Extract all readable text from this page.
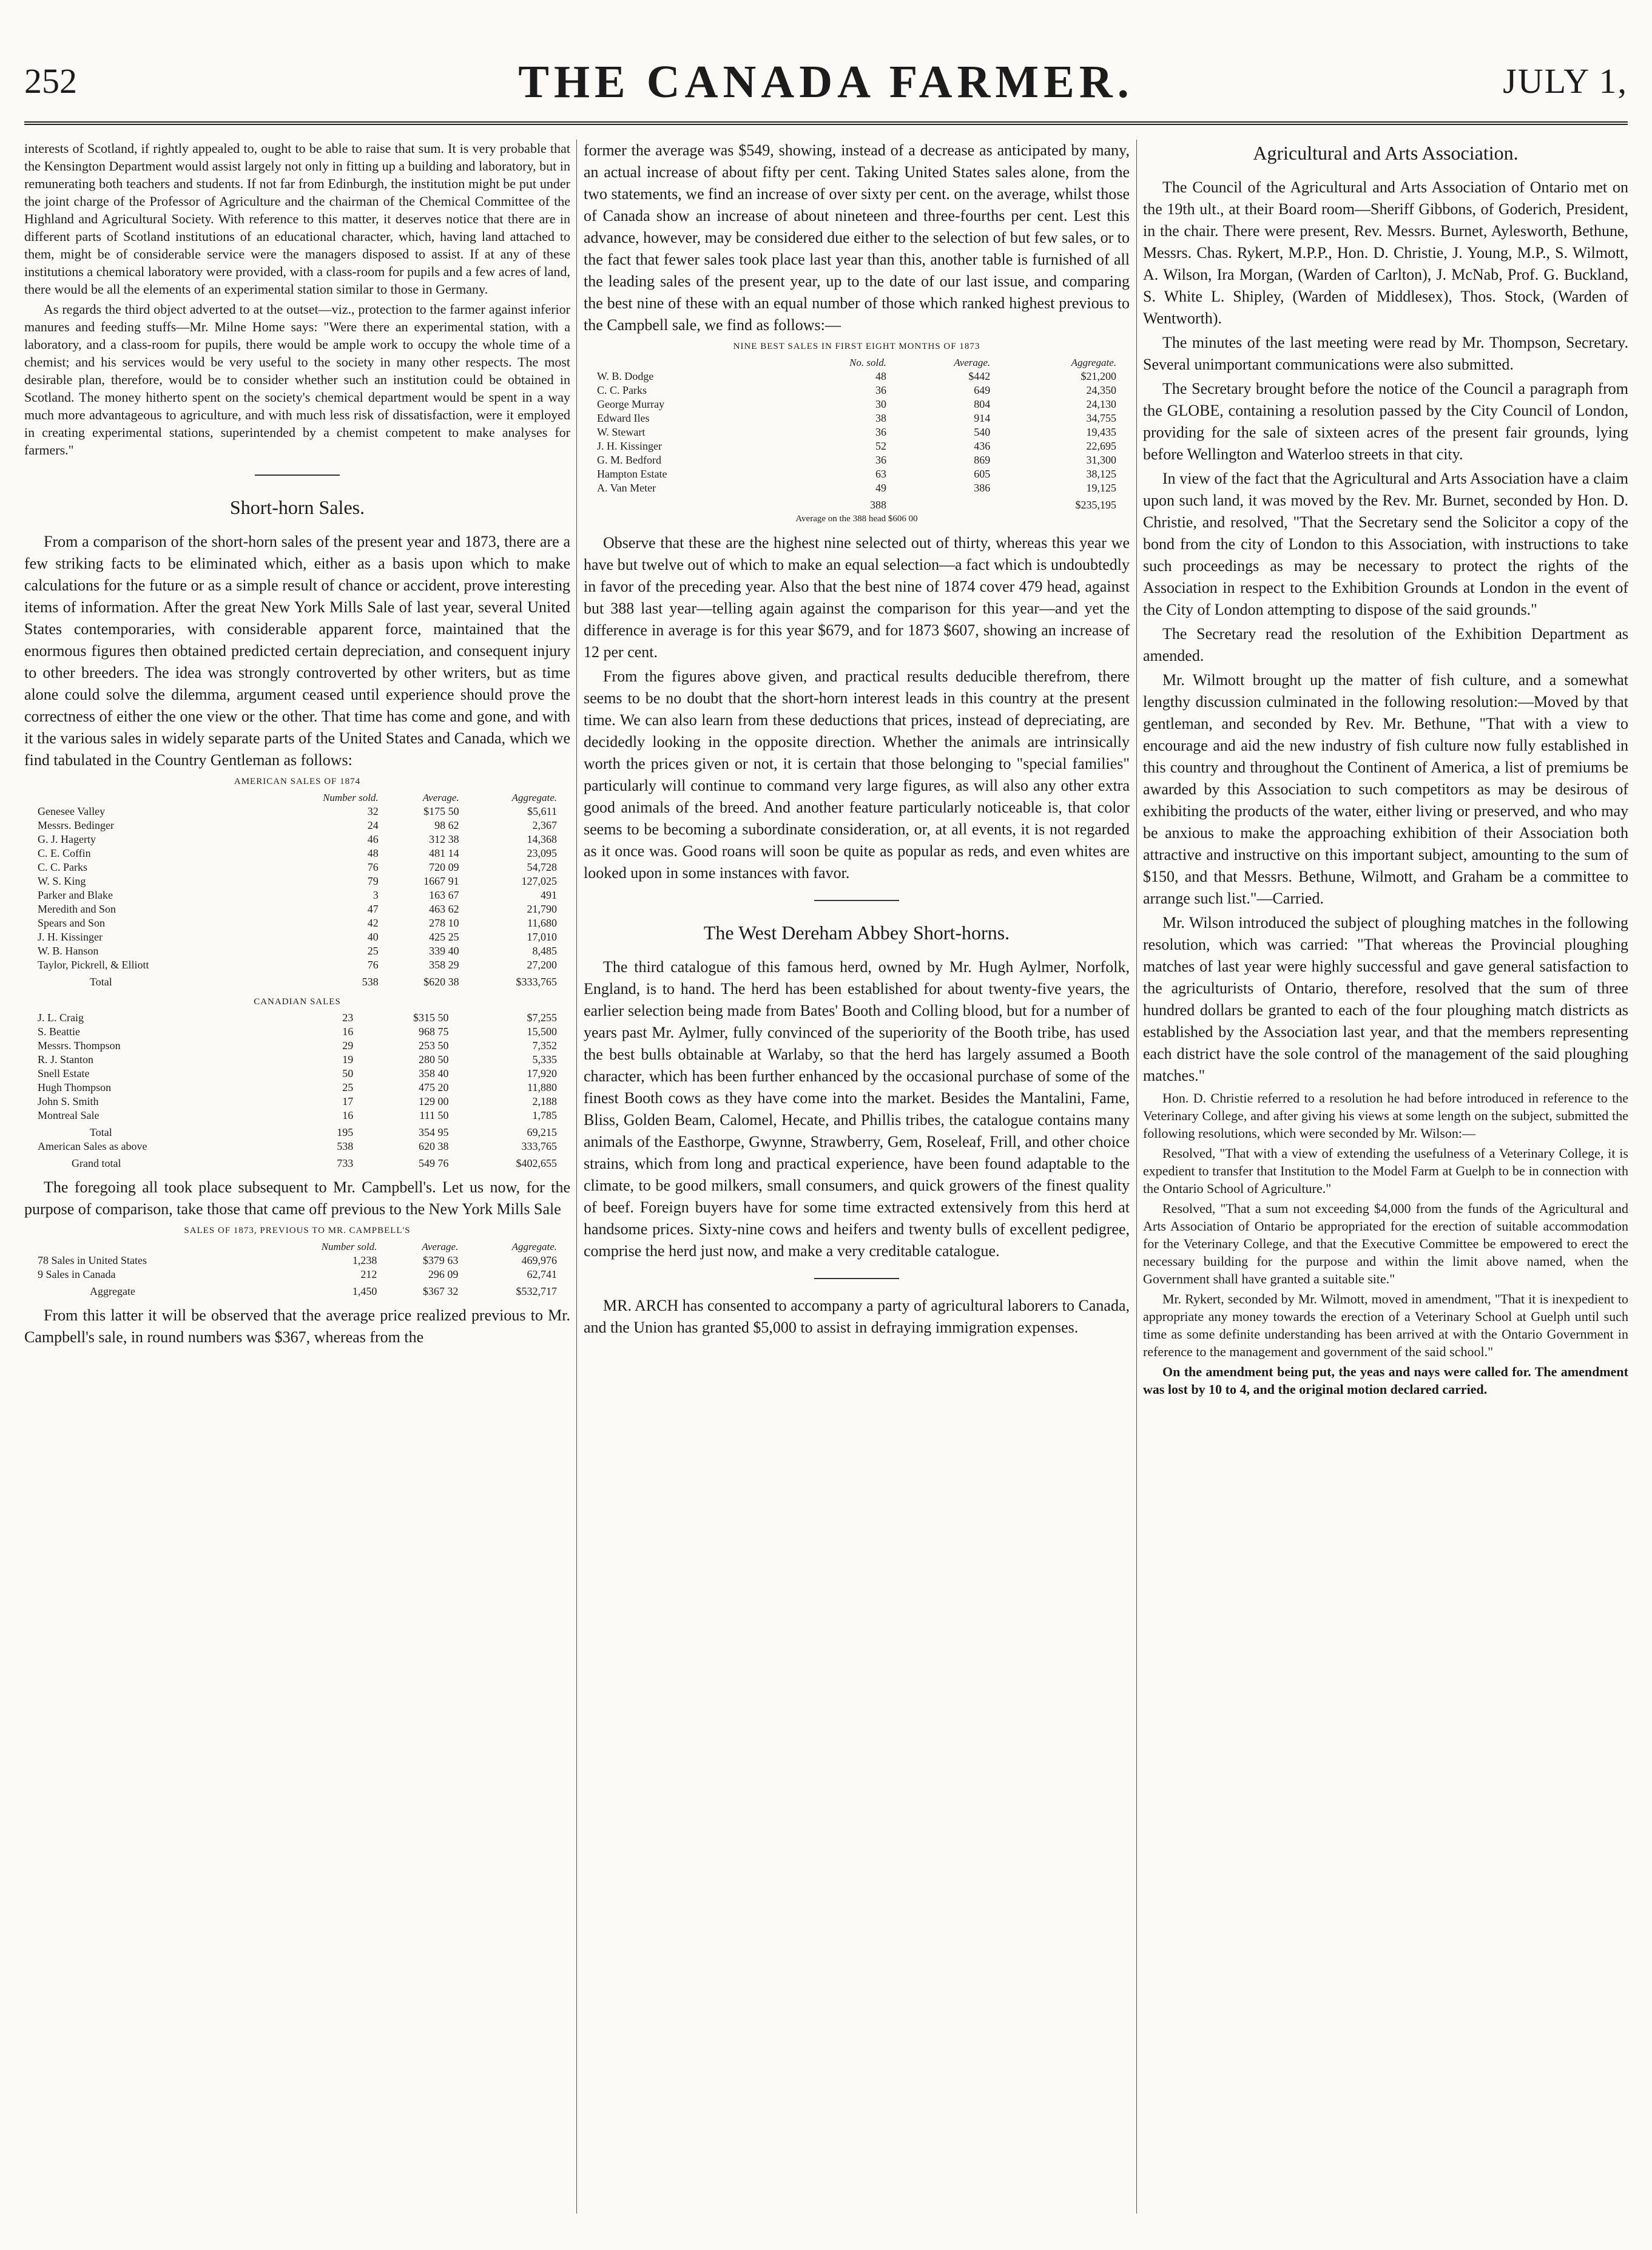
252	THE CANADA FARMER.	JULY 1,

interests of Scotland, if rightly appealed to, ought to be able to raise that sum. It is very probable that the Kensington Department would assist largely not only in fitting up a building and laboratory, but in remunerating both teachers and students. If not far from Edinburgh, the institution might be put under the joint charge of the Professor of Agriculture and the chairman of the Chemical Committee of the Highland and Agricultural Society. With reference to this matter, it deserves notice that there are in different parts of Scotland institutions of an educational character, which, having land attached to them, might be of considerable service were the managers disposed to assist. If at any of these institutions a chemical laboratory were provided, with a class-room for pupils and a few acres of land, there would be all the elements of an experimental station similar to those in Germany.

As regards the third object adverted to at the outset—viz., protection to the farmer against inferior manures and feeding stuffs—Mr. Milne Home says: "Were there an experimental station, with a laboratory, and a class-room for pupils, there would be ample work to occupy the whole time of a chemist; and his services would be very useful to the society in many other respects. The most desirable plan, therefore, would be to consider whether such an institution could be obtained in Scotland. The money hitherto spent on the society's chemical department would be spent in a way much more advantageous to agriculture, and with much less risk of dissatisfaction, were it employed in creating experimental stations, superintended by a chemist competent to make analyses for farmers."

Short-horn Sales.

From a comparison of the short-horn sales of the present year and 1873, there are a few striking facts to be eliminated which, either as a basis upon which to make calculations for the future or as a simple result of chance or accident, prove interesting items of information. After the great New York Mills Sale of last year, several United States contemporaries, with considerable apparent force, maintained that the enormous figures then obtained predicted certain depreciation, and consequent injury to other breeders. The idea was strongly controverted by other writers, but as time alone could solve the dilemma, argument ceased until experience should prove the correctness of either the one view or the other. That time has come and gone, and with it the various sales in widely separate parts of the United States and Canada, which we find tabulated in the Country Gentleman as follows:

AMERICAN SALES OF 1874
	Number sold.	Average.	Aggregate.
Genesee Valley	32	$175 50	$5,611
Messrs. Bedinger	24	98 62	2,367
G. J. Hagerty	46	312 38	14,368
C. E. Coffin	48	481 14	23,095
C. C. Parks	76	720 09	54,728
W. S. King	79	1667 91	127,025
Parker and Blake	3	163 67	491
Meredith and Son	47	463 62	21,790
Spears and Son	42	278 10	11,680
J. H. Kissinger	40	425 25	17,010
W. B. Hanson	25	339 40	8,485
Taylor, Pickrell, & Elliott	76	358 29	27,200
Total	538	$620 38	$333,765
CANADIAN SALES
J. L. Craig	23	$315 50	$7,255
S. Beattie	16	968 75	15,500
Messrs. Thompson	29	253 50	7,352
R. J. Stanton	19	280 50	5,335
Snell Estate	50	358 40	17,920
Hugh Thompson	25	475 20	11,880
John S. Smith	17	129 00	2,188
Montreal Sale	16	111 50	1,785
Total	195	354 95	69,215
American Sales as above	538	620 38	333,765
Grand total	733	549 76	$402,655

The foregoing all took place subsequent to Mr. Campbell's. Let us now, for the purpose of comparison, take those that came off previous to the New York Mills Sale

SALES OF 1873, PREVIOUS TO MR. CAMPBELL'S
	Number sold.	Average.	Aggregate.
78 Sales in United States	1,238	$379 63	469,976
9 Sales in Canada	212	296 09	62,741
Aggregate	1,450	$367 32	$532,717

From this latter it will be observed that the average price realized previous to Mr. Campbell's sale, in round numbers was $367, whereas from the

former the average was $549, showing, instead of a decrease as anticipated by many, an actual increase of about fifty per cent. Taking United States sales alone, from the two statements, we find an increase of over sixty per cent. on the average, whilst those of Canada show an increase of about nineteen and three-fourths per cent. Lest this advance, however, may be considered due either to the selection of but few sales, or to the fact that fewer sales took place last year than this, another table is furnished of all the leading sales of the present year, up to the date of our last issue, and comparing the best nine of these with an equal number of those which ranked highest previous to the Campbell sale, we find as follows:—

NINE BEST SALES IN FIRST EIGHT MONTHS OF 1873
	No. sold.	Average.	Aggregate.
W. B. Dodge	48	$442	$21,200
C. C. Parks	36	649	24,350
George Murray	30	804	24,130
Edward Iles	38	914	34,755
W. Stewart	36	540	19,435
J. H. Kissinger	52	436	22,695
G. M. Bedford	36	869	31,300
Hampton Estate	63	605	38,125
A. Van Meter	49	386	19,125
	388		$235,195
Average on the 388 head $606 00			

Observe that these are the highest nine selected out of thirty, whereas this year we have but twelve out of which to make an equal selection—a fact which is undoubtedly in favor of the preceding year. Also that the best nine of 1874 cover 479 head, against but 388 last year—telling again against the comparison for this year—and yet the difference in average is for this year $679, and for 1873 $607, showing an increase of 12 per cent.

From the figures above given, and practical results deducible therefrom, there seems to be no doubt that the short-horn interest leads in this country at the present time. We can also learn from these deductions that prices, instead of depreciating, are decidedly looking in the opposite direction. Whether the animals are intrinsically worth the prices given or not, it is certain that those belonging to "special families" particularly will continue to command very large figures, as will also any other extra good animals of the breed. And another feature particularly noticeable is, that color seems to be becoming a subordinate consideration, or, at all events, it is not regarded as it once was. Good roans will soon be quite as popular as reds, and even whites are looked upon in some instances with favor.

The West Dereham Abbey Short-horns.

The third catalogue of this famous herd, owned by Mr. Hugh Aylmer, Norfolk, England, is to hand. The herd has been established for about twenty-five years, the earlier selection being made from Bates' Booth and Colling blood, but for a number of years past Mr. Aylmer, fully convinced of the superiority of the Booth tribe, has used the best bulls obtainable at Warlaby, so that the herd has largely assumed a Booth character, which has been further enhanced by the occasional purchase of some of the finest Booth cows as they have come into the market. Besides the Mantalini, Fame, Bliss, Golden Beam, Calomel, Hecate, and Phillis tribes, the catalogue contains many animals of the Easthorpe, Gwynne, Strawberry, Gem, Roseleaf, Frill, and other choice strains, which from long and practical experience, have been found adaptable to the climate, to be good milkers, small consumers, and quick growers of the finest quality of beef. Foreign buyers have for some time extracted extensively from this herd at handsome prices. Sixty-nine cows and heifers and twenty bulls of excellent pedigree, comprise the herd just now, and make a very creditable catalogue.

MR. ARCH has consented to accompany a party of agricultural laborers to Canada, and the Union has granted $5,000 to assist in defraying immigration expenses.

Agricultural and Arts Association.

The Council of the Agricultural and Arts Association of Ontario met on the 19th ult., at their Board room—Sheriff Gibbons, of Goderich, President, in the chair. There were present, Rev. Messrs. Burnet, Aylesworth, Bethune, Messrs. Chas. Rykert, M.P.P., Hon. D. Christie, J. Young, M.P., S. Wilmott, A. Wilson, Ira Morgan, (Warden of Carlton), J. McNab, Prof. G. Buckland, S. White L. Shipley, (Warden of Middlesex), Thos. Stock, (Warden of Wentworth).

The minutes of the last meeting were read by Mr. Thompson, Secretary. Several unimportant communications were also submitted.

The Secretary brought before the notice of the Council a paragraph from the GLOBE, containing a resolution passed by the City Council of London, providing for the sale of sixteen acres of the present fair grounds, lying before Wellington and Waterloo streets in that city.

In view of the fact that the Agricultural and Arts Association have a claim upon such land, it was moved by the Rev. Mr. Burnet, seconded by Hon. D. Christie, and resolved, "That the Secretary send the Solicitor a copy of the bond from the city of London to this Association, with instructions to take such proceedings as may be necessary to protect the rights of the Association in respect to the Exhibition Grounds at London in the event of the City of London attempting to dispose of the said grounds."

The Secretary read the resolution of the Exhibition Department as amended.

Mr. Wilmott brought up the matter of fish culture, and a somewhat lengthy discussion culminated in the following resolution:—Moved by that gentleman, and seconded by Rev. Mr. Bethune, "That with a view to encourage and aid the new industry of fish culture now fully established in this country and throughout the Continent of America, a list of premiums be awarded by this Association to such competitors as may be desirous of exhibiting the products of the water, either living or preserved, and who may be anxious to make the approaching exhibition of their Association both attractive and instructive on this important subject, amounting to the sum of $150, and that Messrs. Bethune, Wilmott, and Graham be a committee to arrange such list."—Carried.

Mr. Wilson introduced the subject of ploughing matches in the following resolution, which was carried: "That whereas the Provincial ploughing matches of last year were highly successful and gave general satisfaction to the agriculturists of Ontario, therefore, resolved that the sum of three hundred dollars be granted to each of the four ploughing match districts as established by the Association last year, and that the members representing each district have the sole control of the management of the said ploughing matches."

Hon. D. Christie referred to a resolution he had before introduced in reference to the Veterinary College, and after giving his views at some length on the subject, submitted the following resolutions, which were seconded by Mr. Wilson:—

Resolved, "That with a view of extending the usefulness of a Veterinary College, it is expedient to transfer that Institution to the Model Farm at Guelph to be in connection with the Ontario School of Agriculture."

Resolved, "That a sum not exceeding $4,000 from the funds of the Agricultural and Arts Association of Ontario be appropriated for the erection of suitable accommodation for the Veterinary College, and that the Executive Committee be empowered to erect the necessary building for the purpose and within the limit above named, when the Government shall have granted a suitable site."

Mr. Rykert, seconded by Mr. Wilmott, moved in amendment, "That it is inexpedient to appropriate any money towards the erection of a Veterinary School at Guelph until such time as some definite understanding has been arrived at with the Ontario Government in reference to the management and government of the said school."

On the amendment being put, the yeas and nays were called for. The amendment was lost by 10 to 4, and the original motion declared carried.
